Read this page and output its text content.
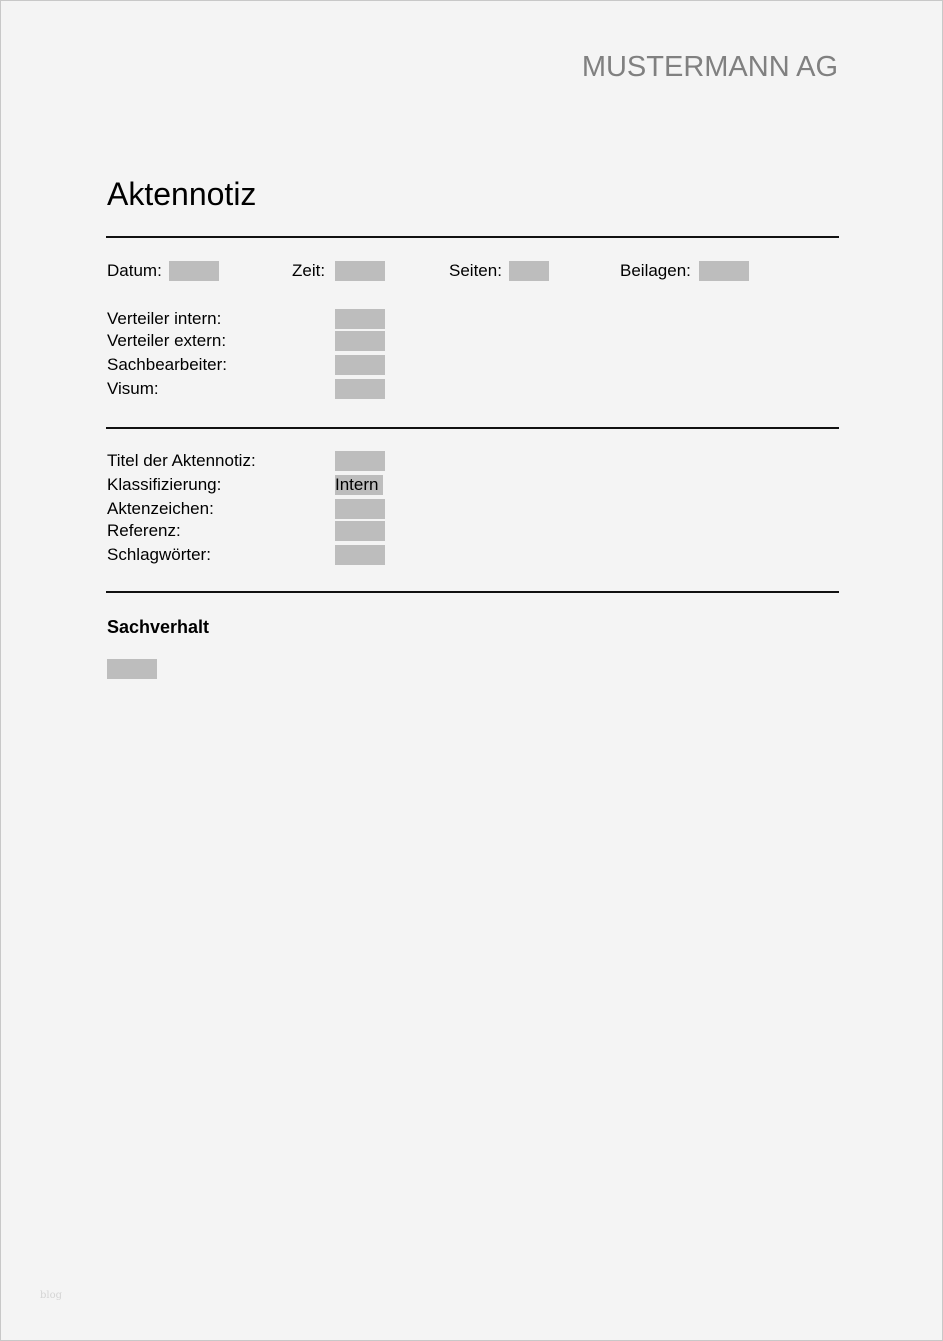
MUSTERMANN AG
Aktennotiz
Datum:	Zeit:	Seiten:	Beilagen:
Verteiler intern:
Verteiler extern:
Sachbearbeiter:
Visum:
Titel der Aktennotiz:
Klassifizierung:	Intern
Aktenzeichen:
Referenz:
Schlagwörter:
Sachverhalt
blog
